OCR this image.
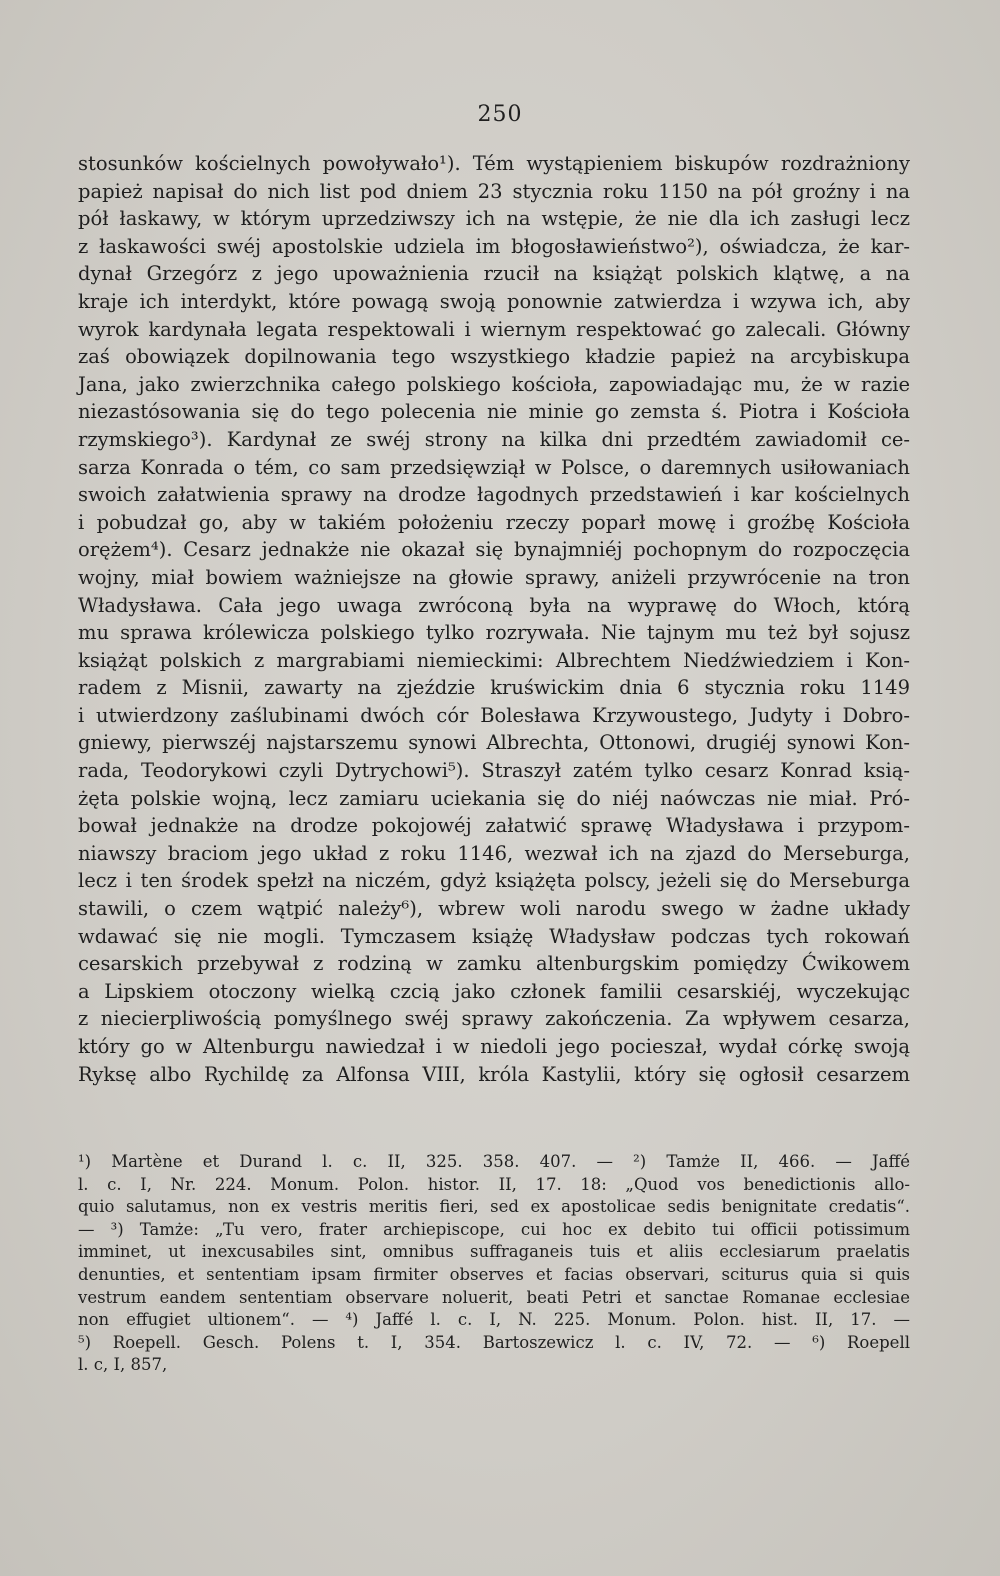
250
stosunków kościelnych powoływało¹). Tém wystąpieniem biskupów rozdrażniony
papież napisał do nich list pod dniem 23 stycznia roku 1150 na pół groźny i na
pół łaskawy, w którym uprzedziwszy ich na wstępie, że nie dla ich zasługi lecz
z łaskawości swéj apostolskie udziela im błogosławieństwo²), oświadcza, że kar-
dynał Grzegórz z jego upoważnienia rzucił na książąt polskich klątwę, a na
kraje ich interdykt, które powagą swoją ponownie zatwierdza i wzywa ich, aby
wyrok kardynała legata respektowali i wiernym respektować go zalecali. Główny
zaś obowiązek dopilnowania tego wszystkiego kładzie papież na arcybiskupa
Jana, jako zwierzchnika całego polskiego kościoła, zapowiadając mu, że w razie
niezastósowania się do tego polecenia nie minie go zemsta ś. Piotra i Kościoła
rzymskiego³). Kardynał ze swéj strony na kilka dni przedtém zawiadomił ce-
sarza Konrada o tém, co sam przedsięwziął w Polsce, o daremnych usiłowaniach
swoich załatwienia sprawy na drodze łagodnych przedstawień i kar kościelnych
i pobudzał go, aby w takiém położeniu rzeczy poparł mowę i groźbę Kościoła
orężem⁴). Cesarz jednakże nie okazał się bynajmniéj pochopnym do rozpoczęcia
wojny, miał bowiem ważniejsze na głowie sprawy, aniżeli przywrócenie na tron
Władysława. Cała jego uwaga zwróconą była na wyprawę do Włoch, którą
mu sprawa królewicza polskiego tylko rozrywała. Nie tajnym mu też był sojusz
książąt polskich z margrabiami niemieckimi: Albrechtem Niedźwiedziem i Kon-
radem z Misnii, zawarty na zjeździe kruświckim dnia 6 stycznia roku 1149
i utwierdzony zaślubinami dwóch cór Bolesława Krzywoustego, Judyty i Dobro-
gniewy, pierwszéj najstarszemu synowi Albrechta, Ottonowi, drugiéj synowi Kon-
rada, Teodorykowi czyli Dytrychowi⁵). Straszył zatém tylko cesarz Konrad ksią-
żęta polskie wojną, lecz zamiaru uciekania się do niéj naówczas nie miał. Pró-
bował jednakże na drodze pokojowéj załatwić sprawę Władysława i przypom-
niawszy braciom jego układ z roku 1146, wezwał ich na zjazd do Merseburga,
lecz i ten środek spełzł na niczém, gdyż książęta polscy, jeżeli się do Merseburga
stawili, o czem wątpić należy⁶), wbrew woli narodu swego w żadne układy
wdawać się nie mogli. Tymczasem książę Władysław podczas tych rokowań
cesarskich przebywał z rodziną w zamku altenburgskim pomiędzy Ćwikowem
a Lipskiem otoczony wielką czcią jako członek familii cesarskiéj, wyczekując
z niecierpliwością pomyślnego swéj sprawy zakończenia. Za wpływem cesarza,
który go w Altenburgu nawiedzał i w niedoli jego pocieszał, wydał córkę swoją
Ryksę albo Rychildę za Alfonsa VIII, króla Kastylii, który się ogłosił cesarzem
¹) Martène et Durand l. c. II, 325. 358. 407. — ²) Tamże II, 466. — Jaffé
l. c. I, Nr. 224. Monum. Polon. histor. II, 17. 18: „Quod vos benedictionis allo-
quio salutamus, non ex vestris meritis fieri, sed ex apostolicae sedis benignitate credatis“.
— ³) Tamże: „Tu vero, frater archiepiscope, cui hoc ex debito tui officii potissimum
imminet, ut inexcusabiles sint, omnibus suffraganeis tuis et aliis ecclesiarum praelatis
denunties, et sententiam ipsam firmiter observes et facias observari, sciturus quia si quis
vestrum eandem sententiam observare noluerit, beati Petri et sanctae Romanae ecclesiae
non effugiet ultionem“. — ⁴) Jaffé l. c. I, N. 225. Monum. Polon. hist. II, 17. —
⁵) Roepell. Gesch. Polens t. I, 354. Bartoszewicz l. c. IV, 72. — ⁶) Roepell
l. c, I, 857,
